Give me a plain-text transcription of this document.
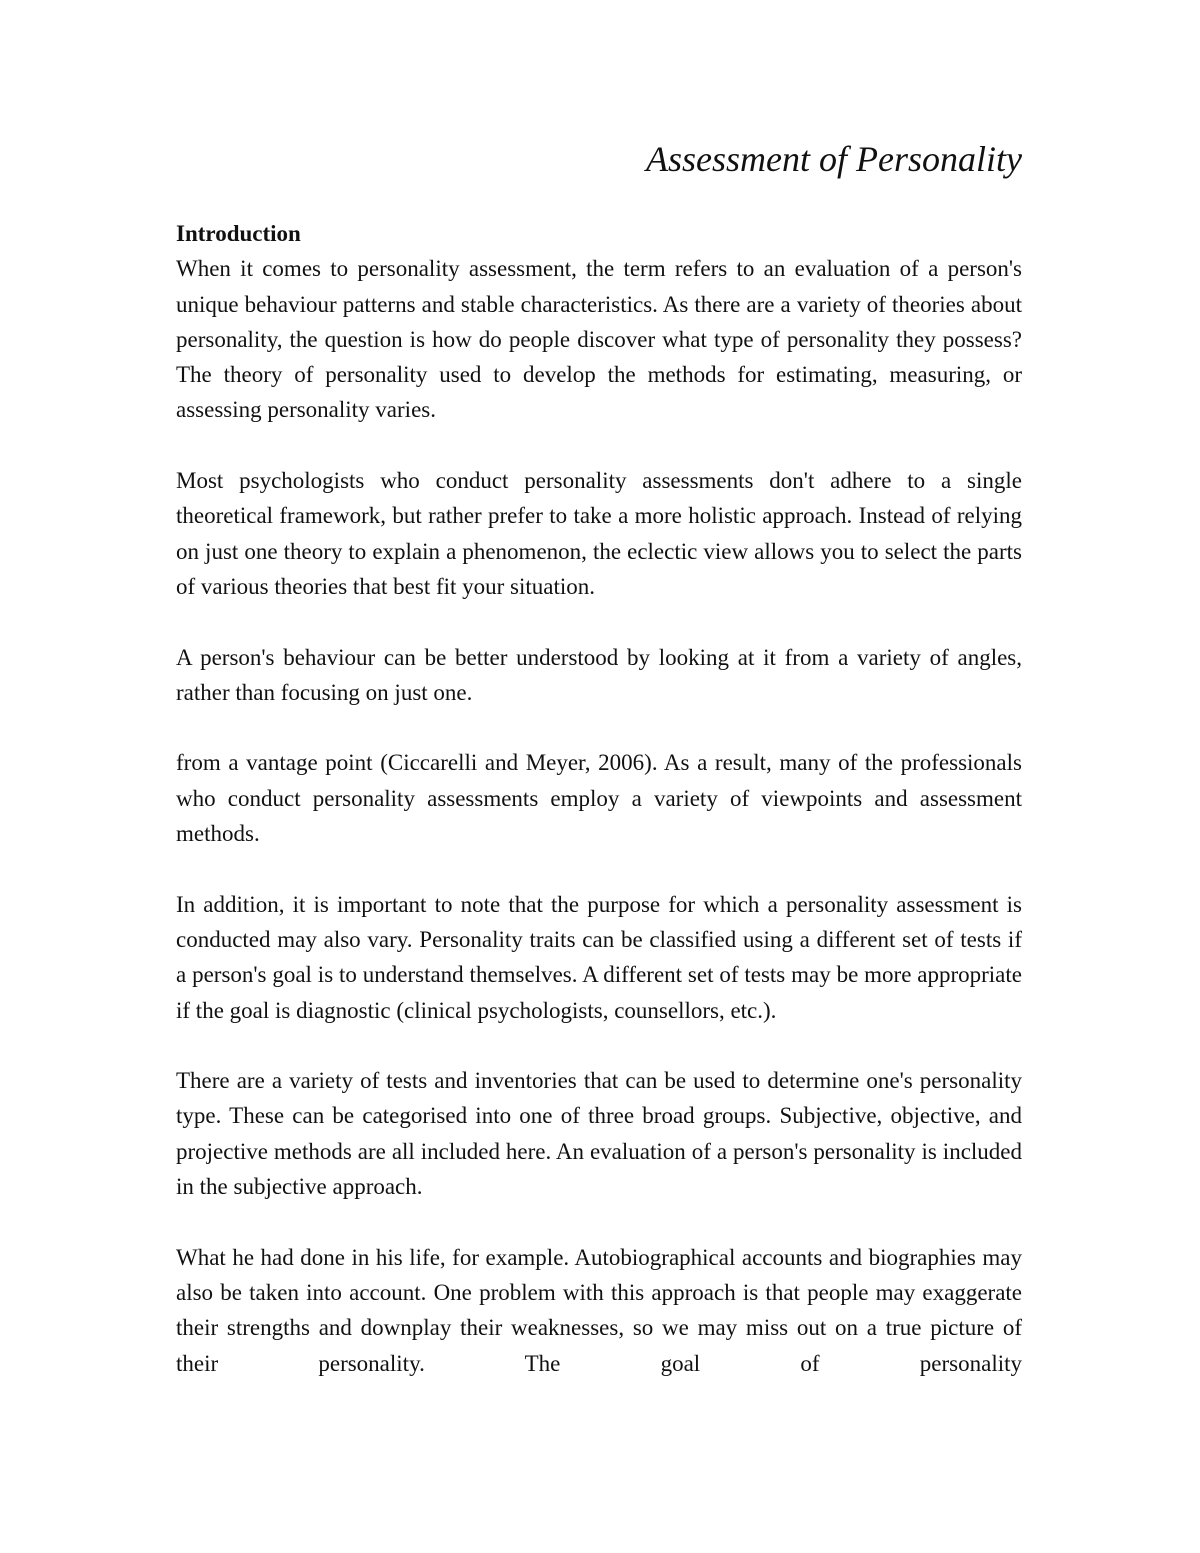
Assessment of Personality
Introduction

When it comes to personality assessment, the term refers to an evaluation of a person's unique behaviour patterns and stable characteristics. As there are a variety of theories about personality, the question is how do people discover what type of personality they possess? The theory of personality used to develop the methods for estimating, measuring, or assessing personality varies.

Most psychologists who conduct personality assessments don't adhere to a single theoretical framework, but rather prefer to take a more holistic approach. Instead of relying on just one theory to explain a phenomenon, the eclectic view allows you to select the parts of various theories that best fit your situation.

A person's behaviour can be better understood by looking at it from a variety of angles, rather than focusing on just one.

from a vantage point (Ciccarelli and Meyer, 2006). As a result, many of the professionals who conduct personality assessments employ a variety of viewpoints and assessment methods.

In addition, it is important to note that the purpose for which a personality assessment is conducted may also vary. Personality traits can be classified using a different set of tests if a person's goal is to understand themselves. A different set of tests may be more appropriate if the goal is diagnostic (clinical psychologists, counsellors, etc.).

There are a variety of tests and inventories that can be used to determine one's personality type. These can be categorised into one of three broad groups. Subjective, objective, and projective methods are all included here. An evaluation of a person's personality is included in the subjective approach.

What he had done in his life, for example. Autobiographical accounts and biographies may also be taken into account. One problem with this approach is that people may exaggerate their strengths and downplay their weaknesses, so we may miss out on a true picture of their personality. The goal of personality
